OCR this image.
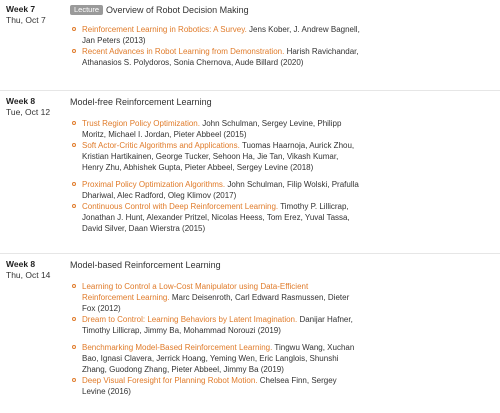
Week 7
Thu, Oct 7
Lecture Overview of Robot Decision Making
Reinforcement Learning in Robotics: A Survey. Jens Kober, J. Andrew Bagnell, Jan Peters (2013)
Recent Advances in Robot Learning from Demonstration. Harish Ravichandar, Athanasios S. Polydoros, Sonia Chernova, Aude Billard (2020)
Week 8
Tue, Oct 12
Model-free Reinforcement Learning
Trust Region Policy Optimization. John Schulman, Sergey Levine, Philipp Moritz, Michael I. Jordan, Pieter Abbeel (2015)
Soft Actor-Critic Algorithms and Applications. Tuomas Haarnoja, Aurick Zhou, Kristian Hartikainen, George Tucker, Sehoon Ha, Jie Tan, Vikash Kumar, Henry Zhu, Abhishek Gupta, Pieter Abbeel, Sergey Levine (2018)
Proximal Policy Optimization Algorithms. John Schulman, Filip Wolski, Prafulla Dhariwal, Alec Radford, Oleg Klimov (2017)
Continuous Control with Deep Reinforcement Learning. Timothy P. Lillicrap, Jonathan J. Hunt, Alexander Pritzel, Nicolas Heess, Tom Erez, Yuval Tassa, David Silver, Daan Wierstra (2015)
Week 8
Thu, Oct 14
Model-based Reinforcement Learning
Learning to Control a Low-Cost Manipulator using Data-Efficient Reinforcement Learning. Marc Deisenroth, Carl Edward Rasmussen, Dieter Fox (2012)
Dream to Control: Learning Behaviors by Latent Imagination. Danijar Hafner, Timothy Lillicrap, Jimmy Ba, Mohammad Norouzi (2019)
Benchmarking Model-Based Reinforcement Learning. Tingwu Wang, Xuchan Bao, Ignasi Clavera, Jerrick Hoang, Yeming Wen, Eric Langlois, Shunshi Zhang, Guodong Zhang, Pieter Abbeel, Jimmy Ba (2019)
Deep Visual Foresight for Planning Robot Motion. Chelsea Finn, Sergey Levine (2016)
